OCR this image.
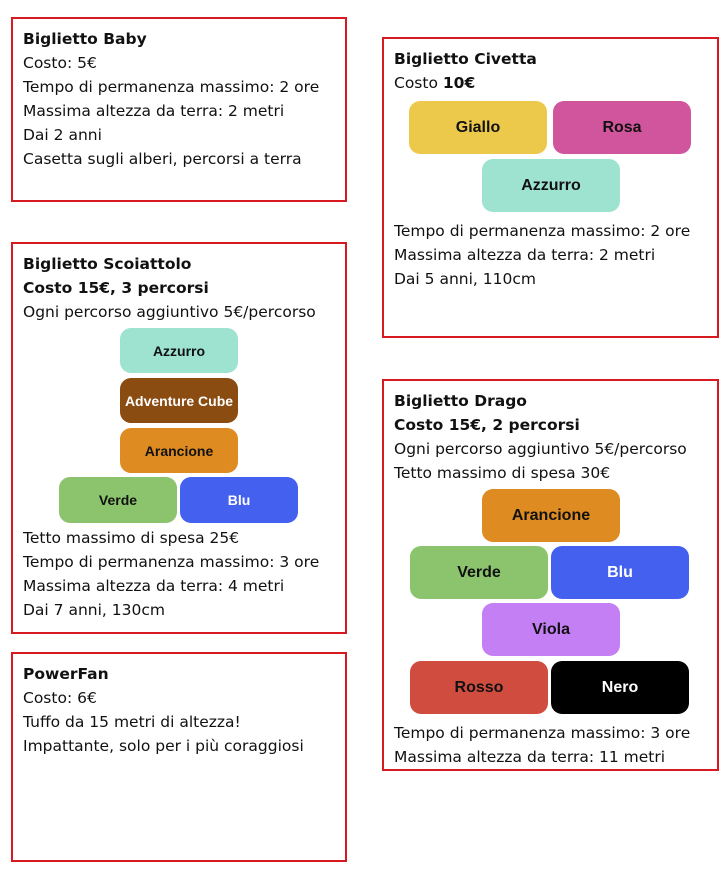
Biglietto Baby
Costo: 5€
Tempo di permanenza massimo: 2 ore
Massima altezza da terra: 2 metri
Dai 2 anni
Casetta sugli alberi, percorsi a terra
Biglietto Civetta
Costo 10€
Giallo	Rosa
Azzurro
Tempo di permanenza massimo: 2 ore
Massima altezza da terra: 2 metri
Dai 5 anni, 110cm
Biglietto Scoiattolo
Costo 15€, 3 percorsi
Ogni percorso aggiuntivo 5€/percorso
Azzurro
Adventure Cube
Arancione
Verde	Blu
Tetto massimo di spesa 25€
Tempo di permanenza massimo: 3 ore
Massima altezza da terra: 4 metri
Dai 7 anni, 130cm
Biglietto Drago
Costo 15€, 2 percorsi
Ogni percorso aggiuntivo 5€/percorso
Tetto massimo di spesa 30€
Arancione
Verde	Blu
Viola
Rosso	Nero
Tempo di permanenza massimo: 3 ore
Massima altezza da terra: 11 metri
PowerFan
Costo: 6€
Tuffo da 15 metri di altezza!
Impattante, solo per i più coraggiosi
